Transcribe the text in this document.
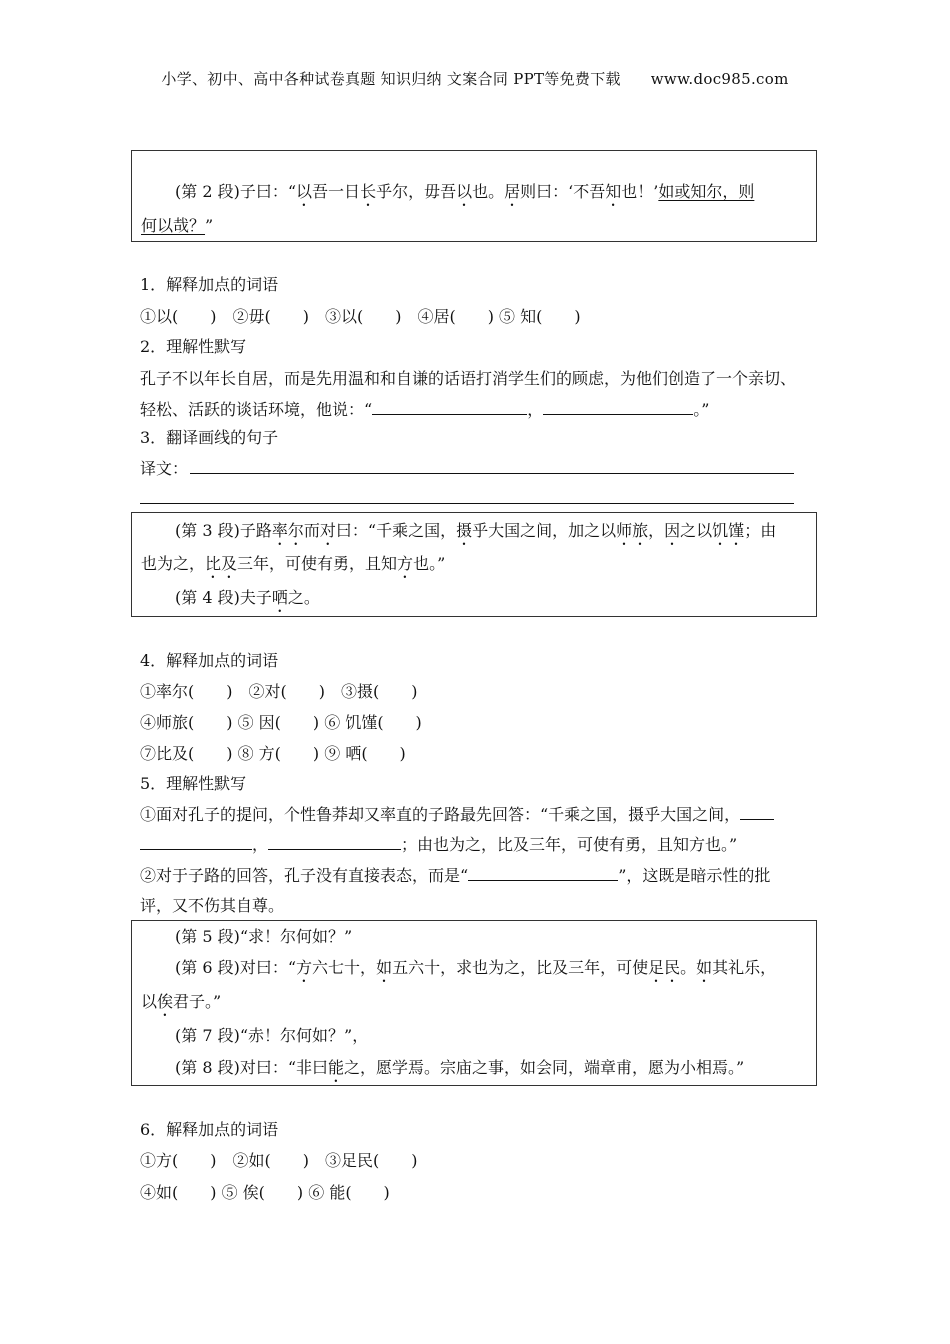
小学、初中、高中各种试卷真题 知识归纳 文案合同 PPT等免费下载 www.doc985.com
(第 2 段)子曰：“以吾一日长乎尔，毋吾以也。居则曰：‘不吾知也！’如或知尔，则
何以哉？”
1．解释加点的词语
①以(　　)　②毋(　　)　③以(　　)　④居(　　) ⑤ 知(　　)
2．理解性默写
孔子不以年长自居，而是先用温和和自谦的话语打消学生们的顾虑，为他们创造了一个亲切、
轻松、活跃的谈话环境，他说：“	，	。”
3．翻译画线的句子
译文：
(第 3 段)子路率尔而对曰：“千乘之国，摄乎大国之间，加之以师旅，因之以饥馑；由
也为之，比及三年，可使有勇，且知方也。”
(第 4 段)夫子哂之。
4．解释加点的词语
①率尔(　　)　②对(　　)　③摄(　　)
④师旅(　　) ⑤ 因(　　) ⑥ 饥馑(　　)
⑦比及(　　) ⑧ 方(　　) ⑨ 哂(　　)
5．理解性默写
①面对孔子的提问，个性鲁莽却又率直的子路最先回答：“千乘之国，摄乎大国之间，
，	；由也为之，比及三年，可使有勇，且知方也。”
②对于子路的回答，孔子没有直接表态，而是“	”，这既是暗示性的批
评，又不伤其自尊。
(第 5 段)“求！尔何如？”
(第 6 段)对曰：“方六七十，如五六十，求也为之，比及三年，可使足民。如其礼乐，
以俟君子。”
(第 7 段)“赤！尔何如？”，
(第 8 段)对曰：“非曰能之，愿学焉。宗庙之事，如会同，端章甫，愿为小相焉。”
6．解释加点的词语
①方(　　)　②如(　　)　③足民(　　)
④如(　　) ⑤ 俟(　　) ⑥ 能(　　)
